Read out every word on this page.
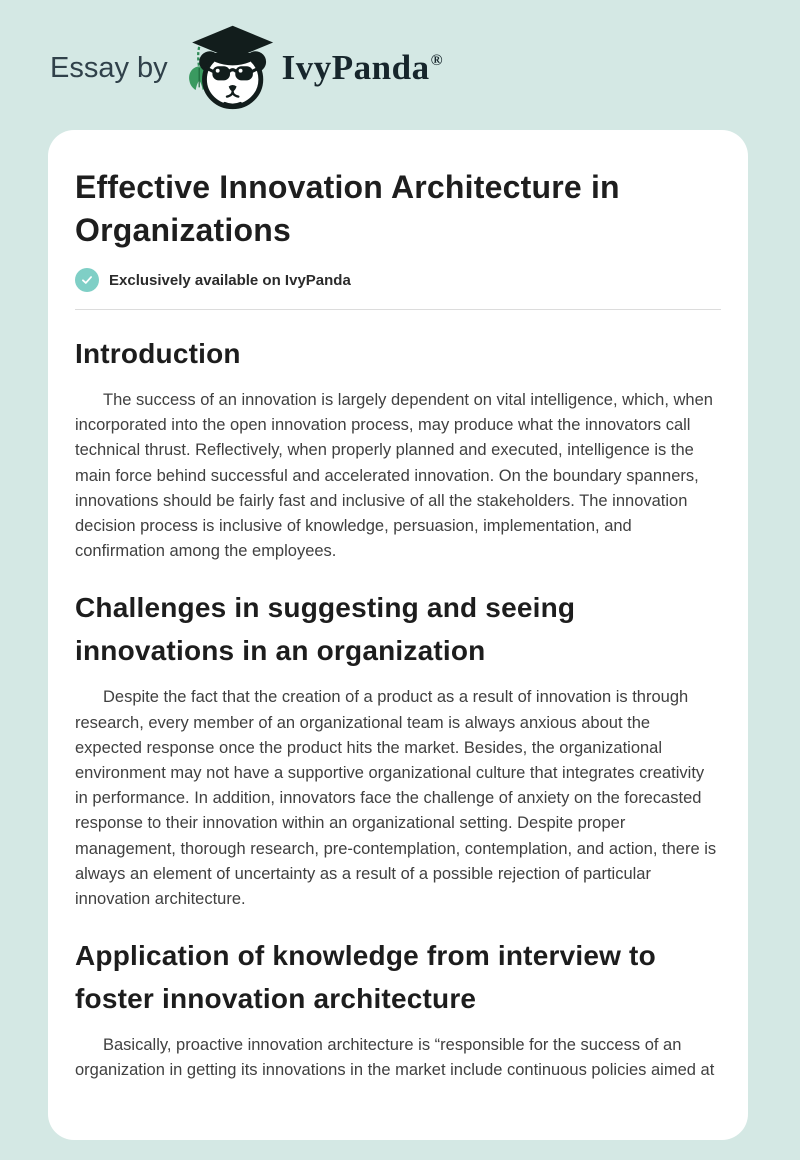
Essay by	IvyPanda®
Effective Innovation Architecture in Organizations
Exclusively available on IvyPanda
Introduction

The success of an innovation is largely dependent on vital intelligence, which, when incorporated into the open innovation process, may produce what the innovators call technical thrust. Reflectively, when properly planned and executed, intelligence is the main force behind successful and accelerated innovation. On the boundary spanners, innovations should be fairly fast and inclusive of all the stakeholders. The innovation decision process is inclusive of knowledge, persuasion, implementation, and confirmation among the employees.

Challenges in suggesting and seeing innovations in an organization

Despite the fact that the creation of a product as a result of innovation is through research, every member of an organizational team is always anxious about the expected response once the product hits the market. Besides, the organizational environment may not have a supportive organizational culture that integrates creativity in performance. In addition, innovators face the challenge of anxiety on the forecasted response to their innovation within an organizational setting. Despite proper management, thorough research, pre-contemplation, contemplation, and action, there is always an element of uncertainty as a result of a possible rejection of particular innovation architecture.

Application of knowledge from interview to foster innovation architecture

Basically, proactive innovation architecture is “responsible for the success of an organization in getting its innovations in the market include continuous policies aimed at
